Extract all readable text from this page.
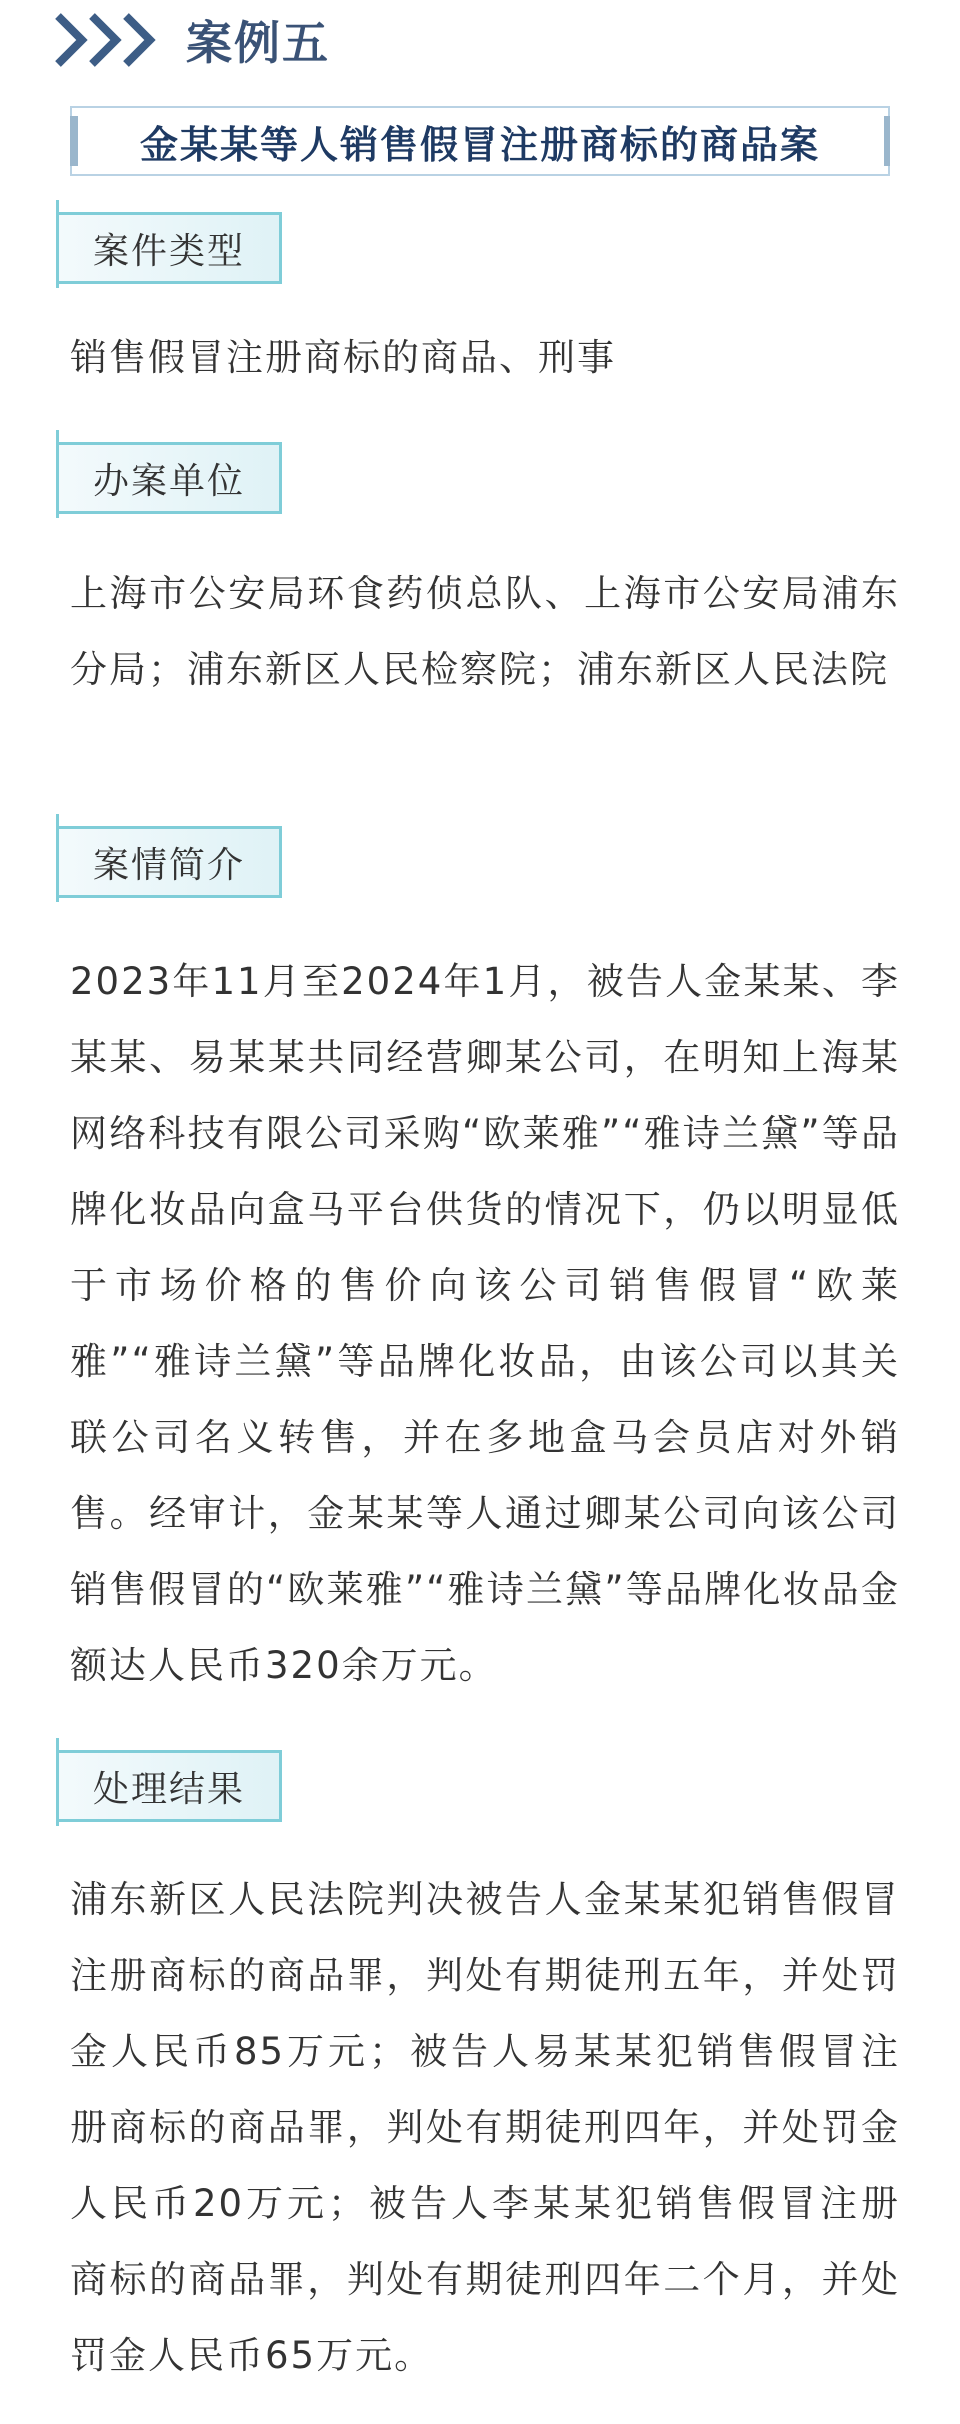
案例五
金某某等人销售假冒注册商标的商品案
案件类型
销售假冒注册商标的商品、刑事
办案单位
上海市公安局环食药侦总队、上海市公安局浦东分局；浦东新区人民检察院；浦东新区人民法院
案情简介
2023年11月至2024年1月，被告人金某某、李某某、易某某共同经营卿某公司，在明知上海某网络科技有限公司采购“欧莱雅”“雅诗兰黛”等品牌化妆品向盒马平台供货的情况下，仍以明显低于市场价格的售价向该公司销售假冒“欧莱雅”“雅诗兰黛”等品牌化妆品，由该公司以其关联公司名义转售，并在多地盒马会员店对外销售。经审计，金某某等人通过卿某公司向该公司销售假冒的“欧莱雅”“雅诗兰黛”等品牌化妆品金额达人民币320余万元。
处理结果
浦东新区人民法院判决被告人金某某犯销售假冒注册商标的商品罪，判处有期徒刑五年，并处罚金人民币85万元；被告人易某某犯销售假冒注册商标的商品罪，判处有期徒刑四年，并处罚金人民币20万元；被告人李某某犯销售假冒注册商标的商品罪，判处有期徒刑四年二个月，并处罚金人民币65万元。
